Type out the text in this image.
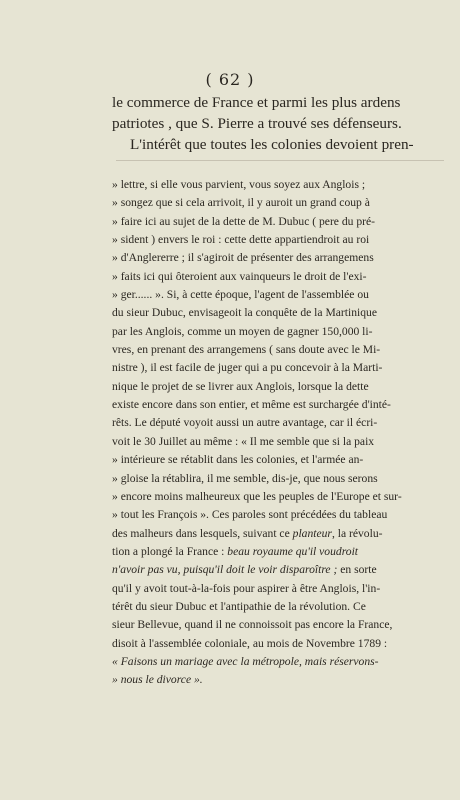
( 62 )
le commerce de France et parmi les plus ardens
patriotes , que S. Pierre a trouvé ses défenseurs.
L'intérêt que toutes les colonies devoient pren-
» lettre, si elle vous parvient, vous soyez aux Anglois ;
» songez que si cela arrivoit, il y auroit un grand coup à
» faire ici au sujet de la dette de M. Dubuc ( pere du pré-
» sident ) envers le roi : cette dette appartiendroit au roi
» d'Anglererre ; il s'agiroit de présenter des arrangemens
» faits ici qui ôteroient aux vainqueurs le droit de l'exi-
» ger...... ». Si, à cette époque, l'agent de l'assemblée ou
du sieur Dubuc, envisageoit la conquête de la Martinique
par les Anglois, comme un moyen de gagner 150,000 li-
vres, en prenant des arrangemens ( sans doute avec le Mi-
nistre ), il est facile de juger qui a pu concevoir à la Marti-
nique le projet de se livrer aux Anglois, lorsque la dette
existe encore dans son entier, et même est surchargée d'inté-
rêts. Le député voyoit aussi un autre avantage, car il écri-
voit le 30 Juillet au même : « Il me semble que si la paix
» intérieure se rétablit dans les colonies, et l'armée an-
» gloise la rétablira, il me semble, dis-je, que nous serons
» encore moins malheureux que les peuples de l'Europe et sur-
» tout les François ». Ces paroles sont précédées du tableau
des malheurs dans lesquels, suivant ce planteur, la révolu-
tion a plongé la France : beau royaume qu'il voudroit
n'avoir pas vu, puisqu'il doit le voir disparoître ; en sorte
qu'il y avoit tout-à-la-fois pour aspirer à être Anglois, l'in-
térêt du sieur Dubuc et l'antipathie de la révolution. Ce
sieur Bellevue, quand il ne connoissoit pas encore la France,
disoit à l'assemblée coloniale, au mois de Novembre 1789 :
« Faisons un mariage avec la métropole, mais réservons-
» nous le divorce ».
